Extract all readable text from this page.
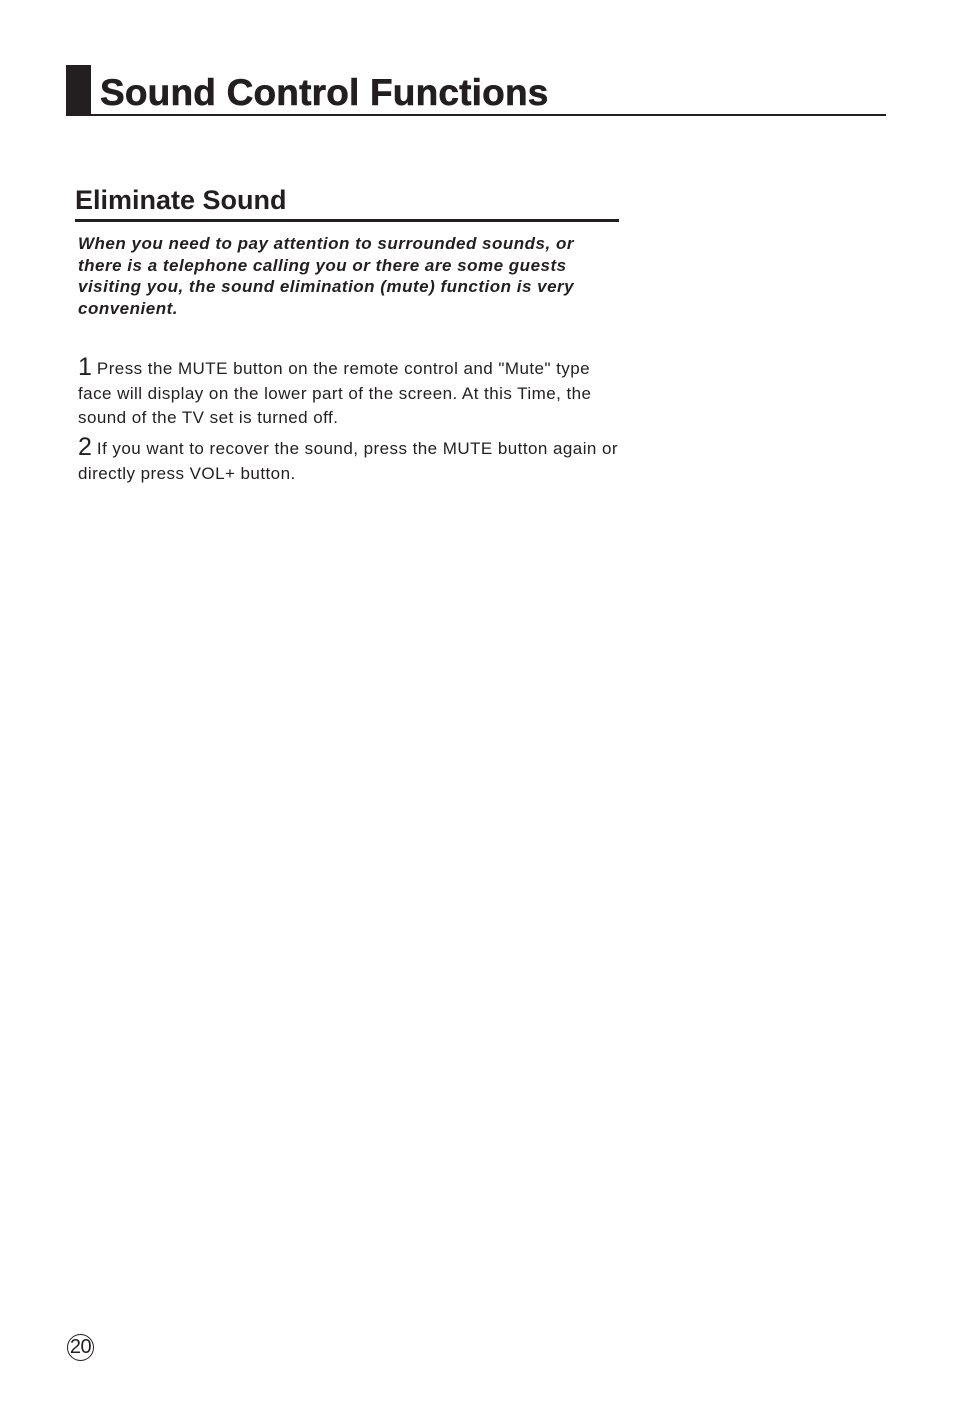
Sound Control Functions
Eliminate Sound

When you need to pay attention to surrounded sounds, or there is a telephone calling you or there are some guests visiting you, the sound elimination (mute) function is very convenient.

1 Press the MUTE button on the remote control and "Mute" type face will display on the lower part of the screen. At this Time, the sound of the TV set is turned off.

2 If you want to recover the sound, press the MUTE button again or directly press VOL+ button.

20
